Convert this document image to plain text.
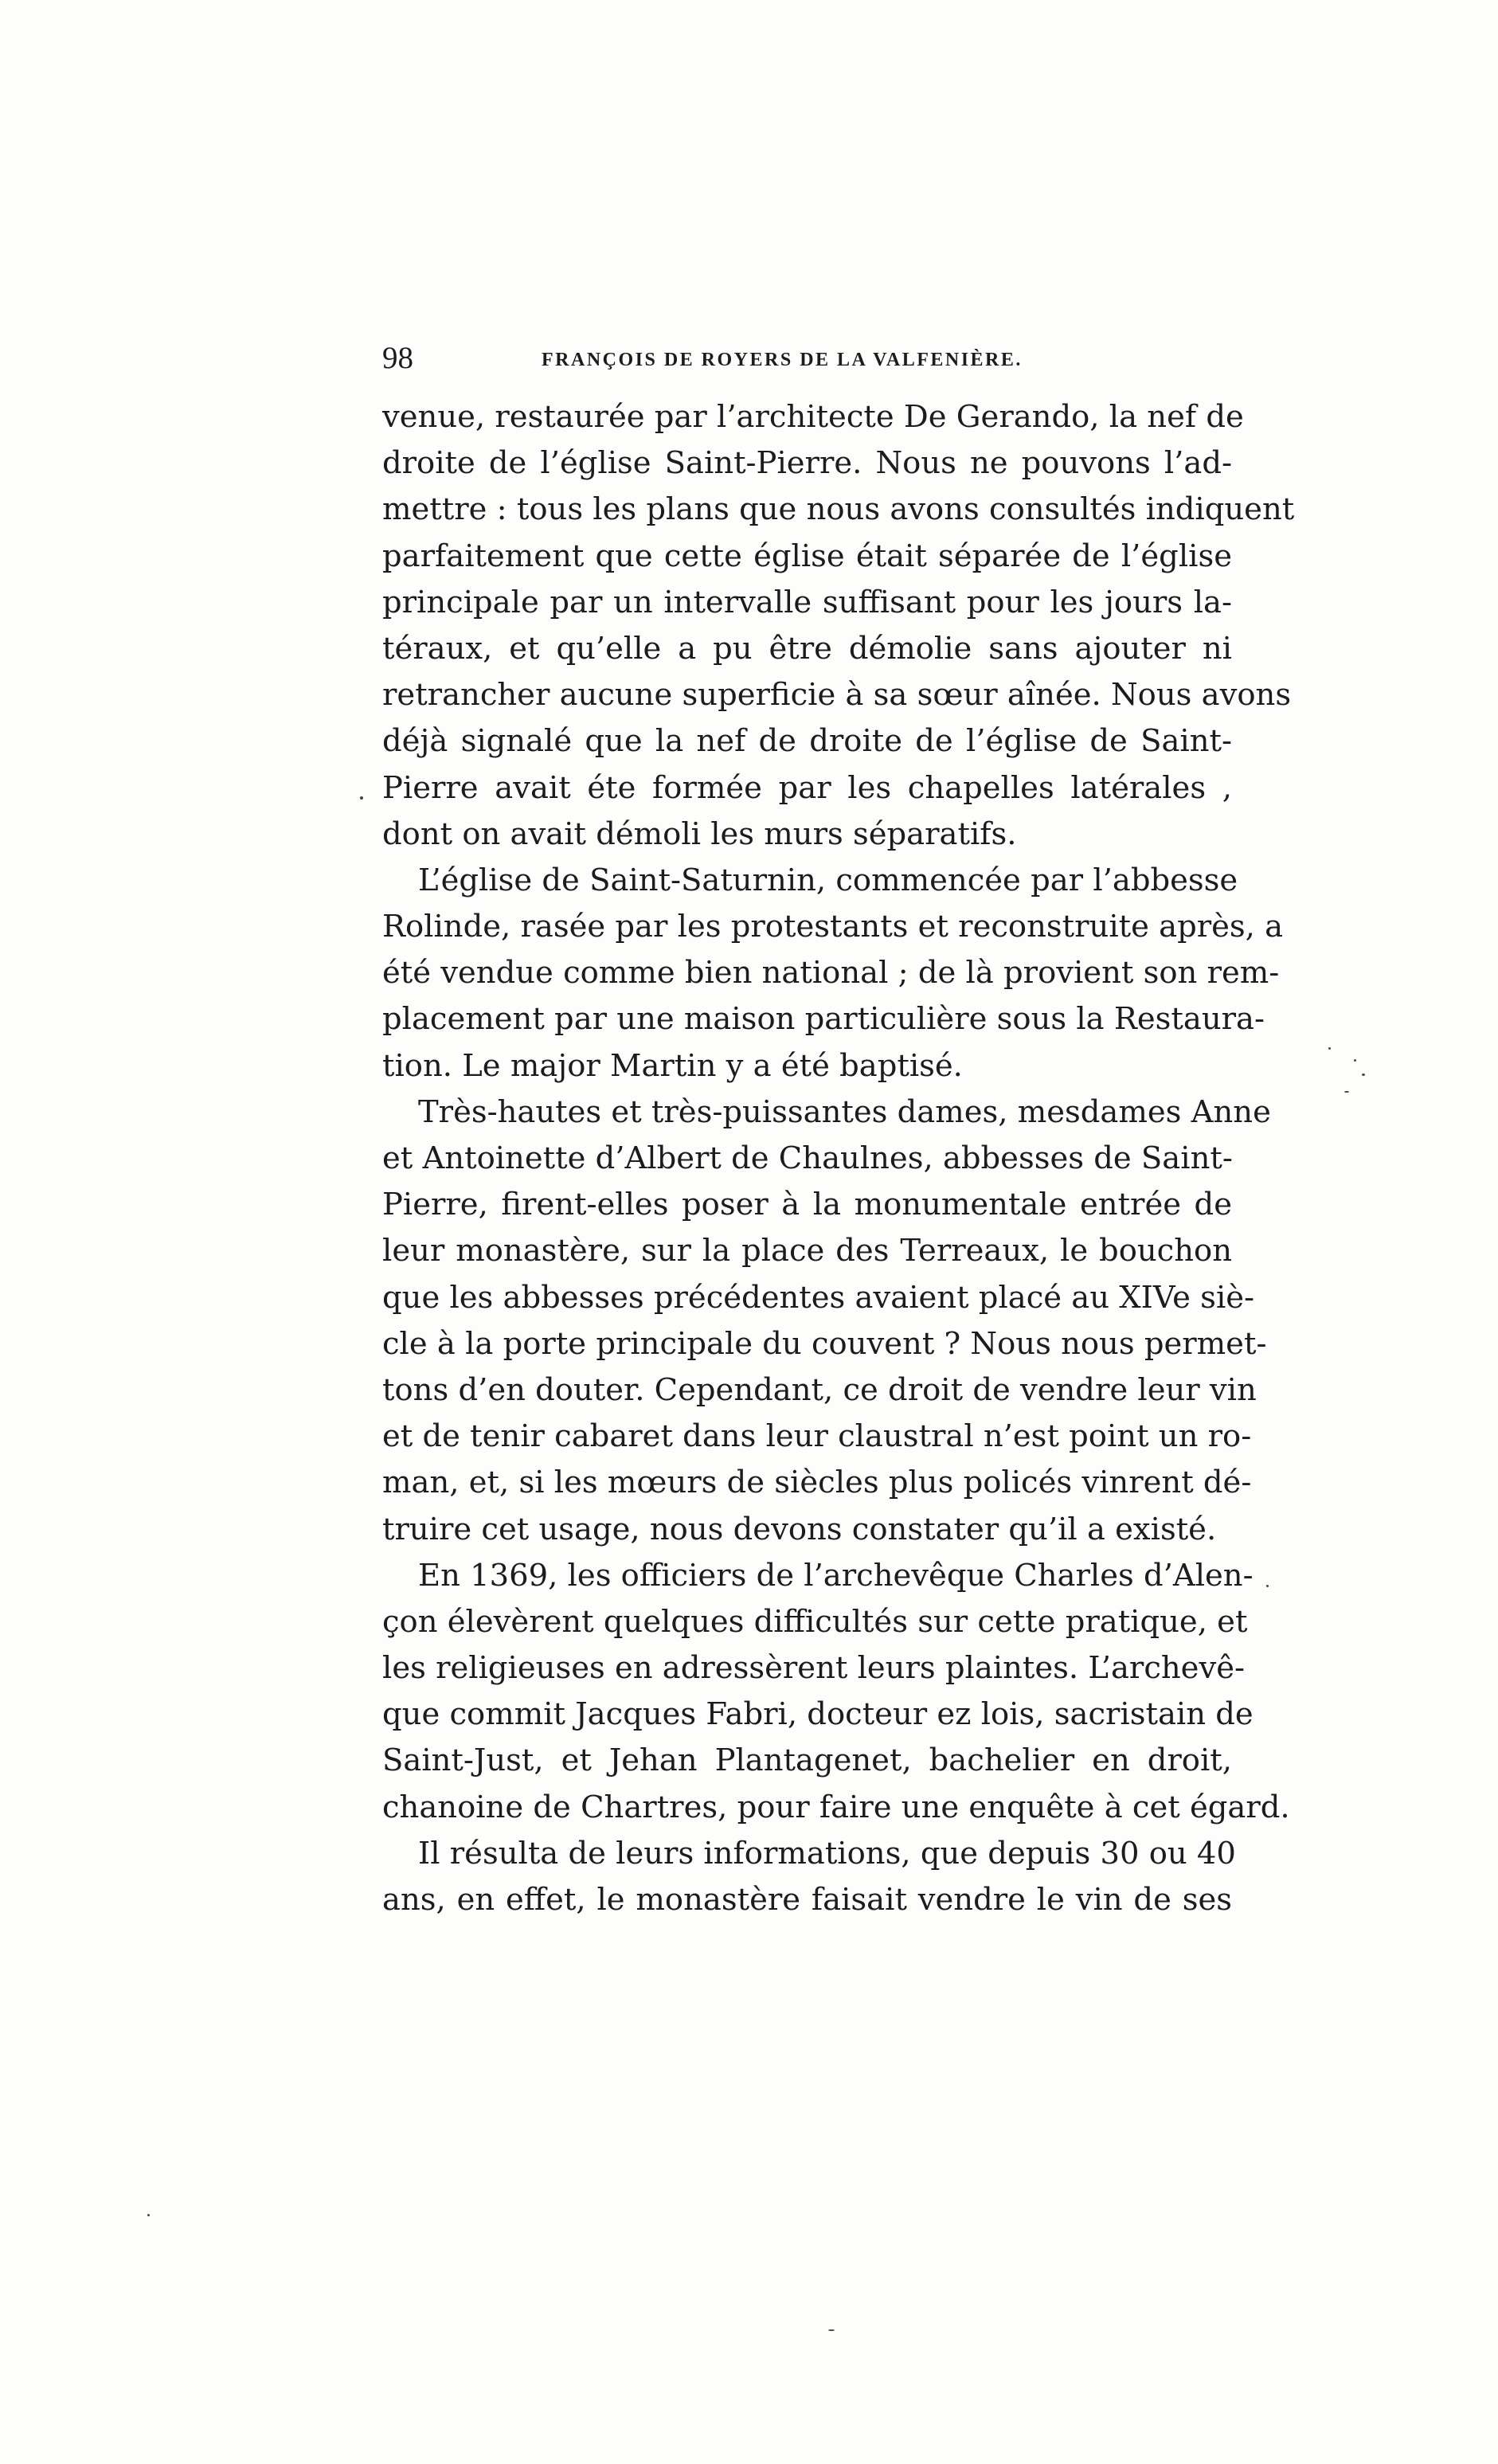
98	FRANÇOIS DE ROYERS DE LA VALFENIÈRE.

venue, restaurée par l’architecte De Gerando, la nef de
droite de l’église Saint-Pierre. Nous ne pouvons l’ad-
mettre : tous les plans que nous avons consultés indiquent
parfaitement que cette église était séparée de l’église
principale par un intervalle suffisant pour les jours la-
téraux, et qu’elle a pu être démolie sans ajouter ni
retrancher aucune superficie à sa sœur aînée. Nous avons
déjà signalé que la nef de droite de l’église de Saint-
Pierre avait éte formée par les chapelles latérales ,
dont on avait démoli les murs séparatifs.

L’église de Saint-Saturnin, commencée par l’abbesse
Rolinde, rasée par les protestants et reconstruite après, a
été vendue comme bien national ; de là provient son rem-
placement par une maison particulière sous la Restaura-
tion. Le major Martin y a été baptisé.

Très-hautes et très-puissantes dames, mesdames Anne
et Antoinette d’Albert de Chaulnes, abbesses de Saint-
Pierre, firent-elles poser à la monumentale entrée de
leur monastère, sur la place des Terreaux, le bouchon
que les abbesses précédentes avaient placé au XIVe siè-
cle à la porte principale du couvent ? Nous nous permet-
tons d’en douter. Cependant, ce droit de vendre leur vin
et de tenir cabaret dans leur claustral n’est point un ro-
man, et, si les mœurs de siècles plus policés vinrent dé-
truire cet usage, nous devons constater qu’il a existé.

En 1369, les officiers de l’archevêque Charles d’Alen-
çon élevèrent quelques difficultés sur cette pratique, et
les religieuses en adressèrent leurs plaintes. L’archevê-
que commit Jacques Fabri, docteur ez lois, sacristain de
Saint-Just, et Jehan Plantagenet, bachelier en droit,
chanoine de Chartres, pour faire une enquête à cet égard.

Il résulta de leurs informations, que depuis 30 ou 40
ans, en effet, le monastère faisait vendre le vin de ses
